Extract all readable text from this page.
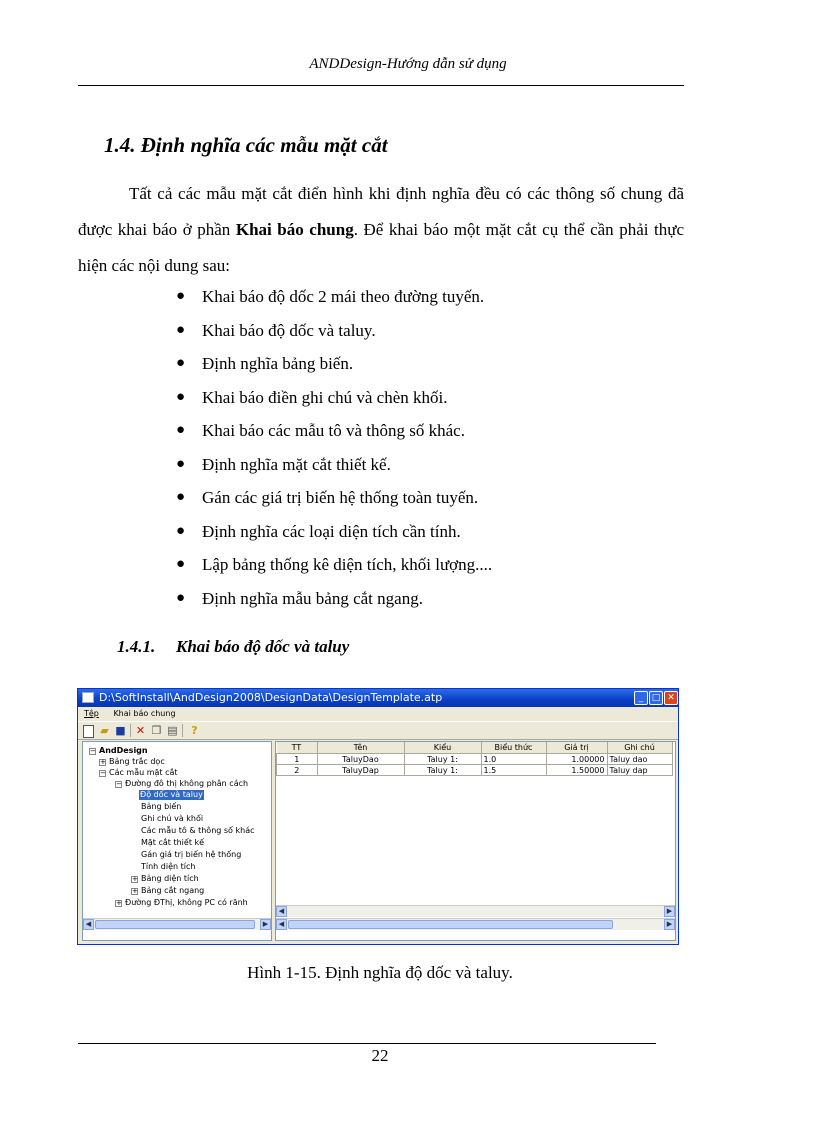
ANDDesign-Hướng dẫn sử dụng
1.4. Định nghĩa các mẫu mặt cắt

Tất cả các mẫu mặt cắt điển hình khi định nghĩa đều có các thông số chung đã được khai báo ở phần Khai báo chung. Để khai báo một mặt cắt cụ thể cần phải thực hiện các nội dung sau:

● Khai báo độ dốc 2 mái theo đường tuyến.
● Khai báo độ dốc và taluy.
● Định nghĩa bảng biến.
● Khai báo điền ghi chú và chèn khối.
● Khai báo các mẫu tô và thông số khác.
● Định nghĩa mặt cắt thiết kế.
● Gán các giá trị biến hệ thống toàn tuyến.
● Định nghĩa các loại diện tích cần tính.
● Lập bảng thống kê diện tích, khối lượng....
● Định nghĩa mẫu bảng cắt ngang.
1.4.1. Khai báo độ dốc và taluy
D:\SoftInstall\AndDesign2008\DesignData\DesignTemplate.atp	_ □ ✕
Tệp Khai báo chung
▰ ■ ✕ ❐ ▤ ?
− AndDesign
+ Bảng trắc dọc
− Các mẫu mặt cắt
− Đường đô thị không phân cách
Độ dốc và taluy
Bảng biến
Ghi chú và khối
Các mẫu tô & thông số khác
Mặt cắt thiết kế
Gán giá trị biến hệ thống
Tính diện tích
+ Bảng diện tích
+ Bảng cắt ngang
+ Đường ĐThị, không PC có rãnh
◀	▶
TT	Tên	Kiểu	Biểu thức	Giá trị	Ghi chú
1	TaluyDao	Taluy 1:	1.0	1.00000	Taluy dao
2	TaluyDap	Taluy 1:	1.5	1.50000	Taluy dap
◀	▶
◀	▶
Hình 1-15. Định nghĩa độ dốc và taluy.
22
